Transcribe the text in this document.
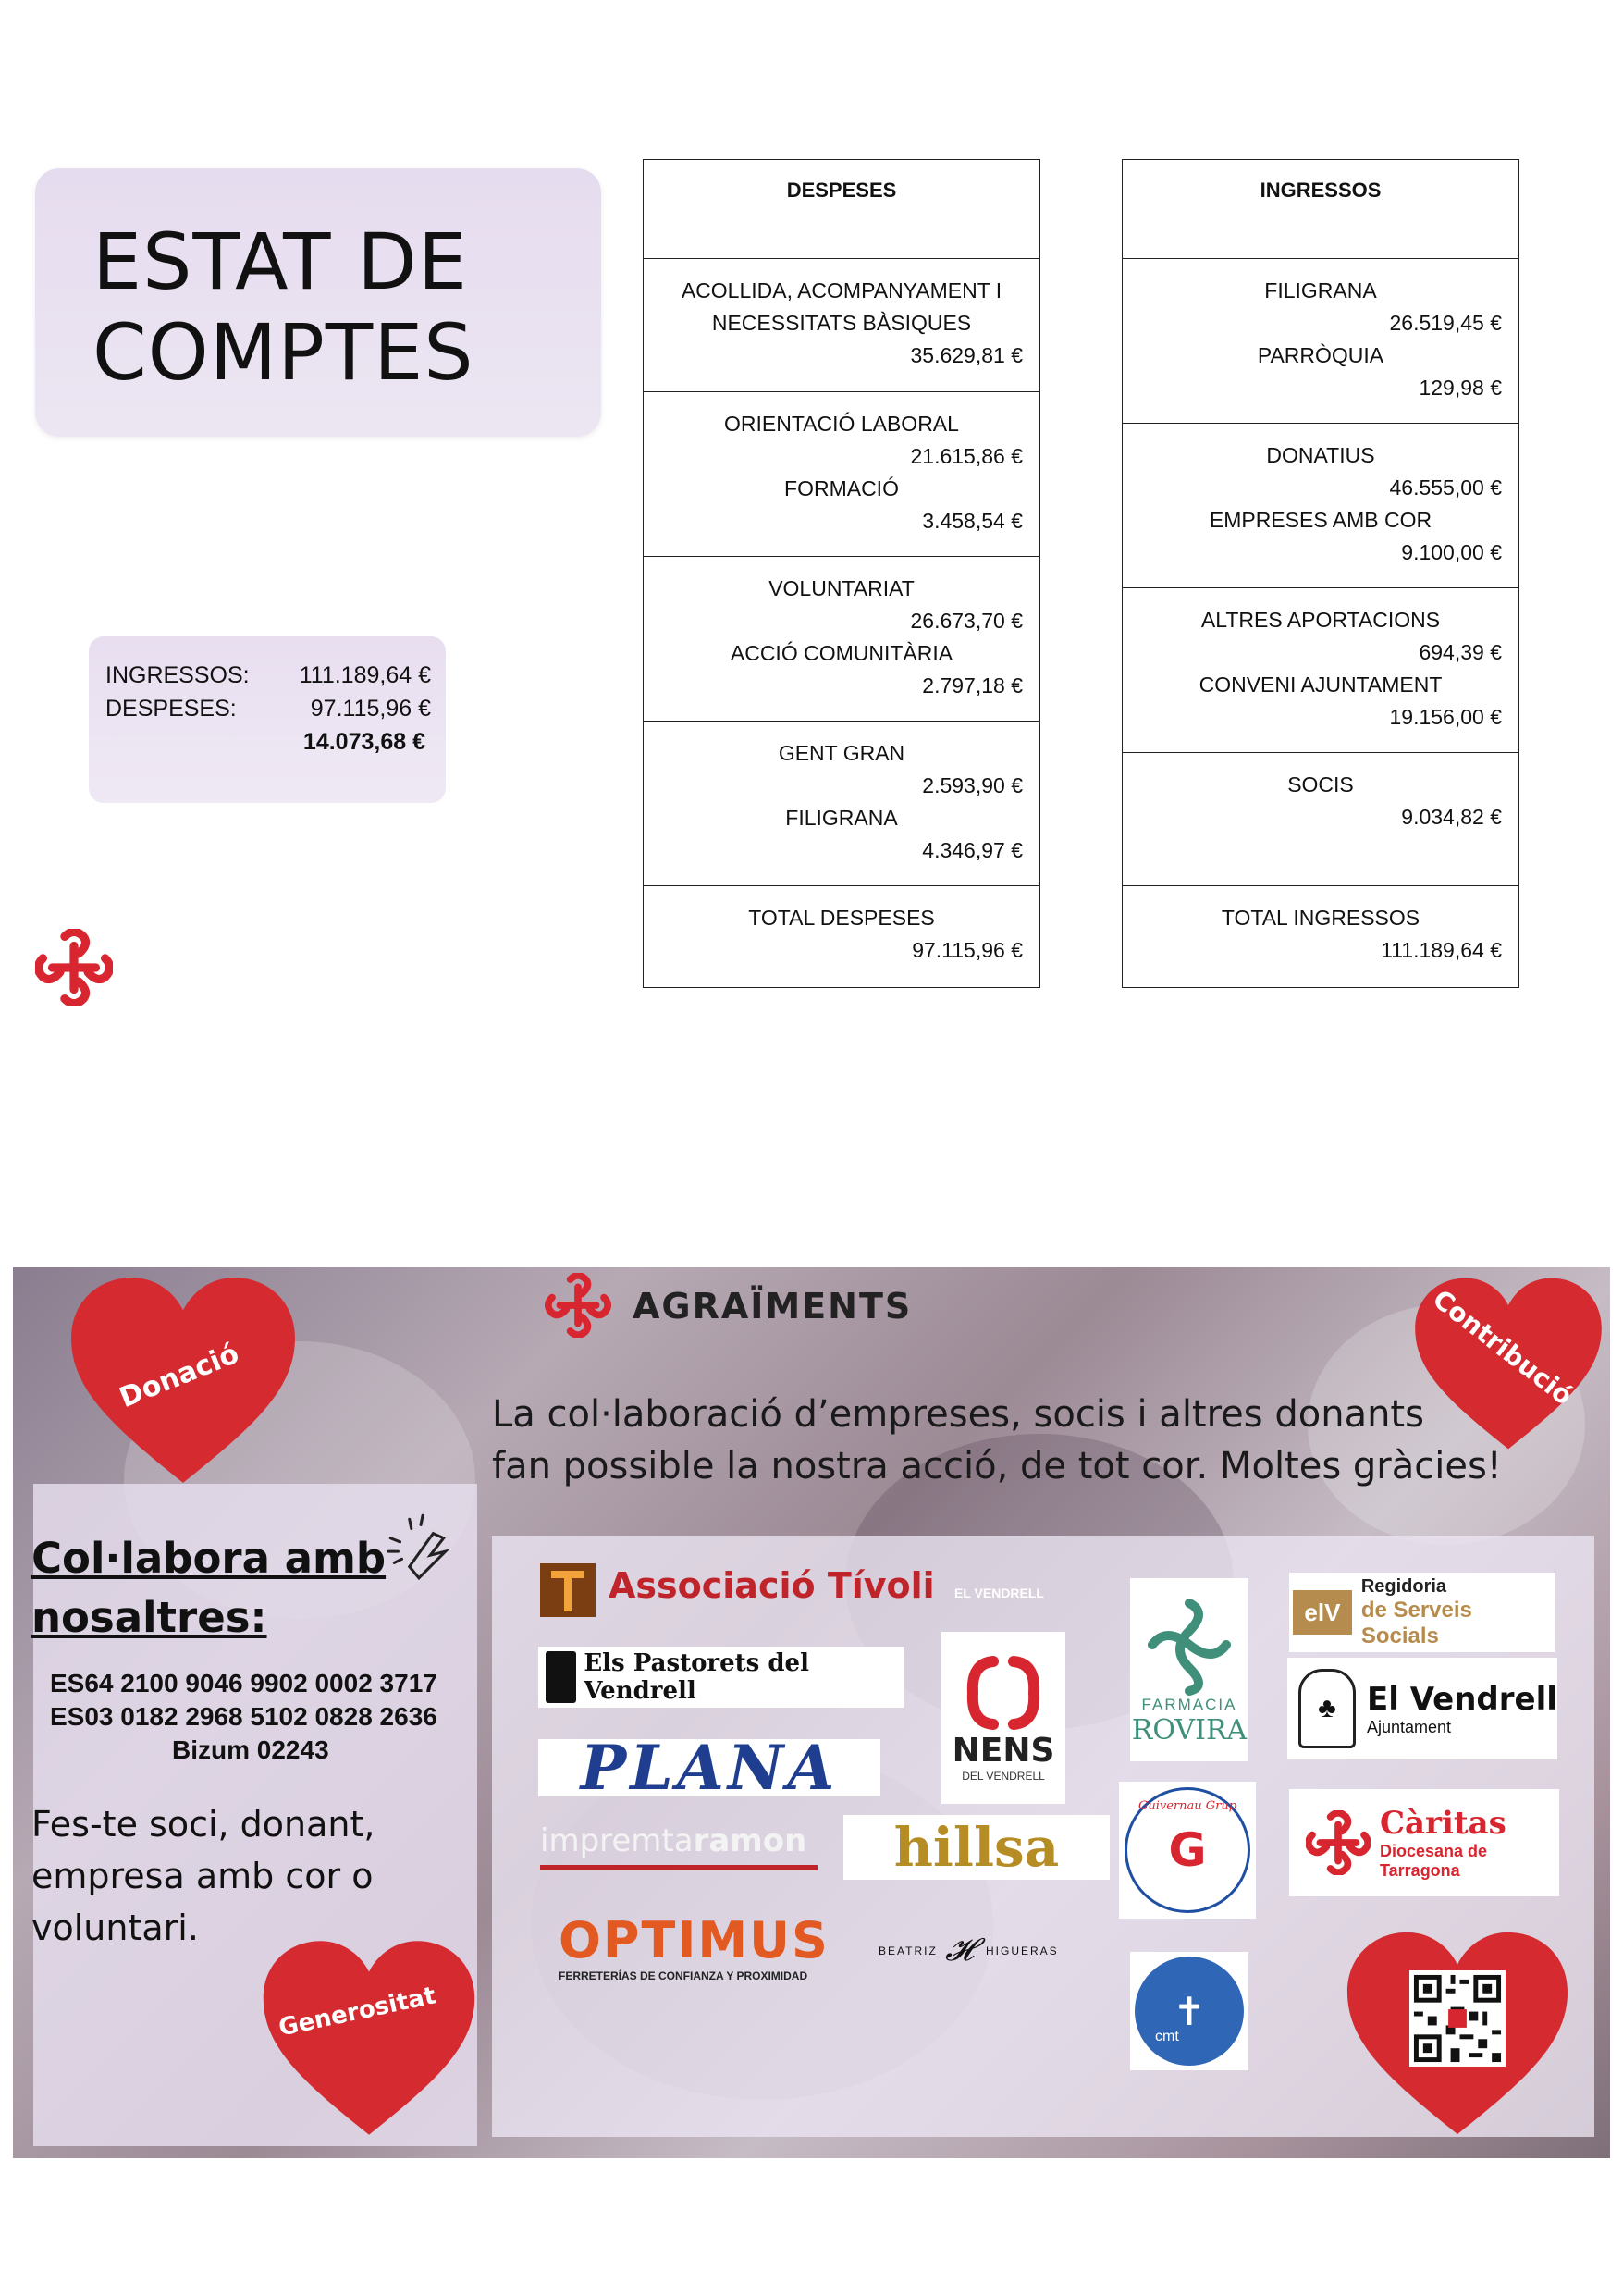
ESTAT DE
COMPTES
INGRESSOS: 111.189,64 €
DESPESES:	97.115,96 €
14.073,68 €
DESPESES
ACOLLIDA, ACOMPANYAMENT I
NECESSITATS BÀSIQUES
35.629,81 €
ORIENTACIÓ LABORAL
21.615,86 €
FORMACIÓ
3.458,54 €
VOLUNTARIAT
26.673,70 €
ACCIÓ COMUNITÀRIA
2.797,18 €
GENT GRAN
2.593,90 €
FILIGRANA
4.346,97 €
TOTAL DESPESES
97.115,96 €
INGRESSOS
FILIGRANA
26.519,45 €
PARRÒQUIA
129,98 €
DONATIUS
46.555,00 €
EMPRESES AMB COR
9.100,00 €
ALTRES APORTACIONS
694,39 €
CONVENI AJUNTAMENT
19.156,00 €
SOCIS
9.034,82 €
TOTAL INGRESSOS
111.189,64 €
AGRAÏMENTS
La col·laboració d’empreses, socis i altres donants
fan possible la nostra acció, de tot cor. Moltes gràcies!
Donació	Contribució
Generositat
Col·labora amb
nosaltres:
ES64 2100 9046 9902 0002 3717
ES03 0182 2968 5102 0828 2636
Bizum 02243
Fes-te soci, donant,
empresa amb cor o
voluntari.
Associació Tívoli EL VENDRELL
Els Pastorets del Vendrell
PLANA
impremtaramon hillsa
OPTIMUS
FERRETERÍAS DE CONFIANZA Y PROXIMIDAD
BEATRIZ 𝓗 HIGUERAS
NENS
DEL VENDRELL
FARMACIA
ROVIRA
Guivernau Grup
G
✝
cmt
elV
Regidoria
de Serveis Socials
♣ El Vendrell
Ajuntament
Càritas
Diocesana de
Tarragona
